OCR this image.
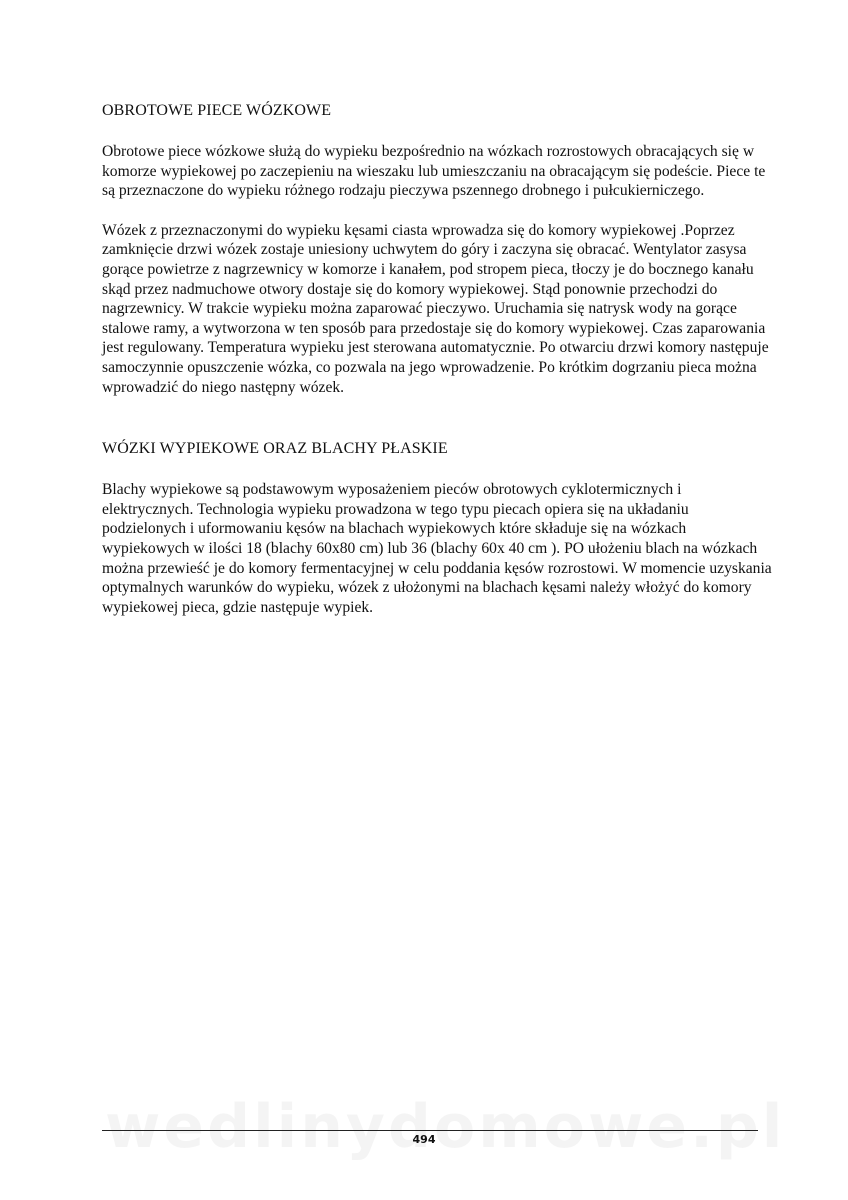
OBROTOWE PIECE WÓZKOWE

Obrotowe piece wózkowe służą do wypieku bezpośrednio na wózkach rozrostowych obracających się w komorze wypiekowej po zaczepieniu na wieszaku lub umieszczaniu na obracającym się podeście. Piece te są przeznaczone do wypieku różnego rodzaju pieczywa pszennego drobnego i pułcukierniczego.

Wózek z przeznaczonymi do wypieku kęsami ciasta wprowadza się do komory wypiekowej .Poprzez zamknięcie drzwi wózek zostaje uniesiony uchwytem do góry i zaczyna się obracać. Wentylator zasysa gorące powietrze z nagrzewnicy w komorze i kanałem, pod stropem pieca, tłoczy je do bocznego kanału skąd przez nadmuchowe otwory dostaje się do komory wypiekowej. Stąd ponownie przechodzi do nagrzewnicy. W trakcie wypieku można zaparować pieczywo. Uruchamia się natrysk wody na gorące stalowe ramy, a wytworzona w ten sposób para przedostaje się do komory wypiekowej. Czas zaparowania jest regulowany. Temperatura wypieku jest sterowana automatycznie. Po otwarciu drzwi komory następuje samoczynnie opuszczenie wózka, co pozwala na jego wprowadzenie. Po krótkim dogrzaniu pieca można wprowadzić do niego następny wózek.

WÓZKI WYPIEKOWE ORAZ BLACHY PŁASKIE

Blachy wypiekowe są podstawowym wyposażeniem pieców obrotowych cyklotermicznych i elektrycznych. Technologia wypieku prowadzona w tego typu piecach opiera się na układaniu podzielonych i uformowaniu kęsów na blachach wypiekowych które składuje się na wózkach wypiekowych w ilości 18 (blachy 60x80 cm) lub 36 (blachy 60x 40 cm ). PO ułożeniu blach na wózkach można przewieść je do komory fermentacyjnej w celu poddania kęsów rozrostowi. W momencie uzyskania optymalnych warunków do wypieku, wózek z ułożonymi na blachach kęsami należy włożyć do komory wypiekowej pieca, gdzie następuje wypiek.

494
